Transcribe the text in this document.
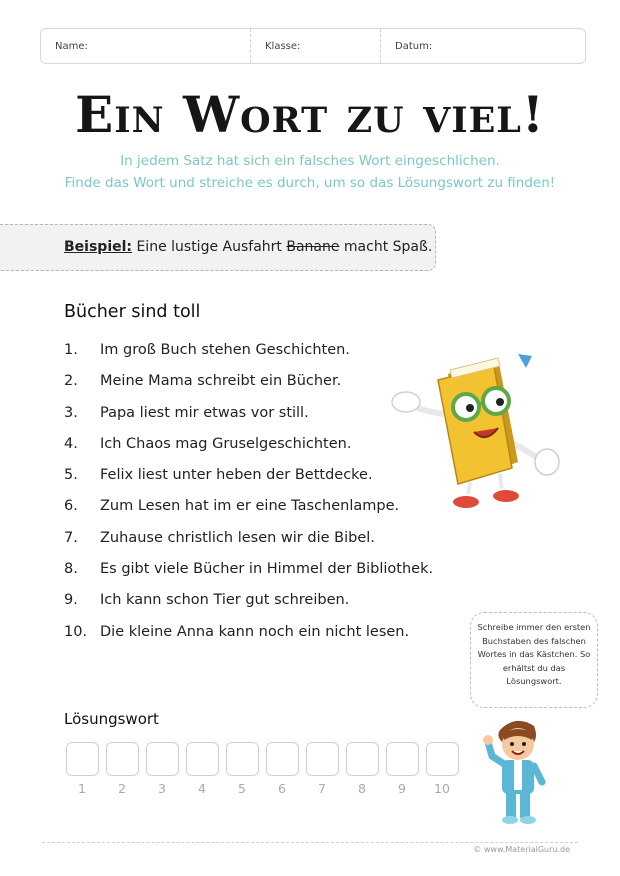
Name:	Klasse:	Datum:
Ein Wort zu viel!
In jedem Satz hat sich ein falsches Wort eingeschlichen.
Finde das Wort und streiche es durch, um so das Lösungswort zu finden!
Beispiel: Eine lustige Ausfahrt Banane macht Spaß.
Bücher sind toll
1.	Im groß Buch stehen Geschichten.
2.	Meine Mama schreibt ein Bücher.
3.	Papa liest mir etwas vor still.
4.	Ich Chaos mag Gruselgeschichten.
5.	Felix liest unter heben der Bettdecke.
6.	Zum Lesen hat im er eine Taschenlampe.
7.	Zuhause christlich lesen wir die Bibel.
8.	Es gibt viele Bücher in Himmel der Bibliothek.
9.	Ich kann schon Tier gut schreiben.
10. Die kleine Anna kann noch ein nicht lesen.	Schreibe immer den ersten Buchstaben des falschen Wortes in das Kästchen. So erhältst du das Lösungswort.
Lösungswort
1	2	3	4	5	6	7	8	9 10
© www.MaterialGuru.de
